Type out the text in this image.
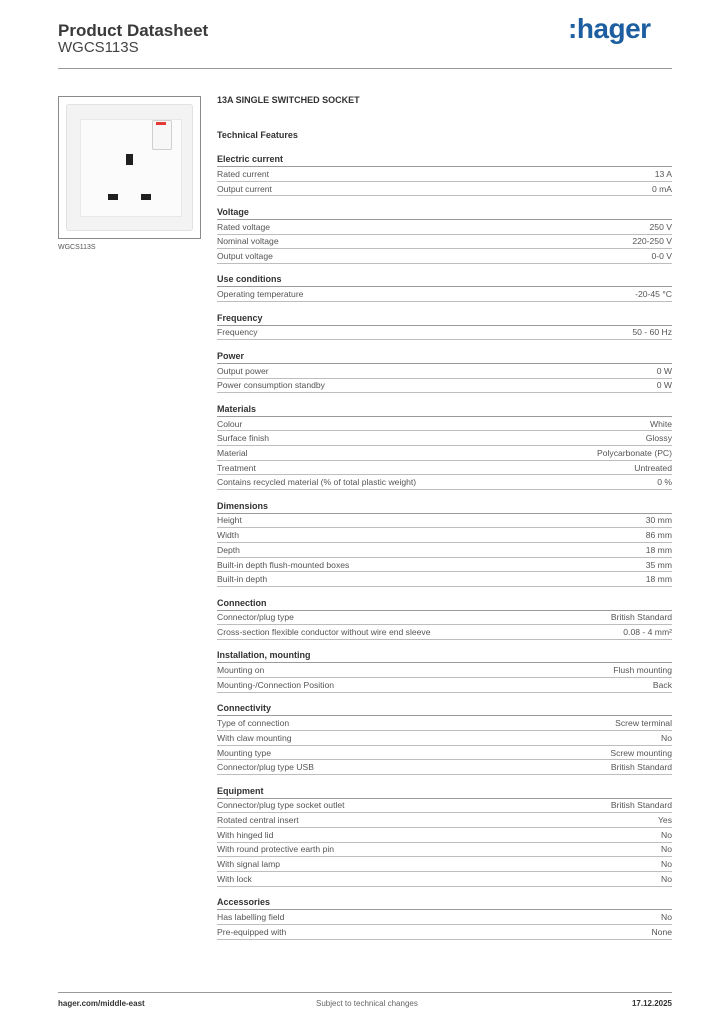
Product Datasheet
WGCS113S
:hager
WGCS113S
13A SINGLE SWITCHED SOCKET
Technical Features
Electric current
Rated current	13 A
Output current	0 mA
Voltage
Rated voltage	250 V
Nominal voltage	220-250 V
Output voltage	0-0 V
Use conditions
Operating temperature	-20-45 °C
Frequency
Frequency	50 - 60 Hz
Power
Output power	0 W
Power consumption standby	0 W
Materials
Colour	White
Surface finish	Glossy
Material	Polycarbonate (PC)
Treatment	Untreated
Contains recycled material (% of total plastic weight)	0 %
Dimensions
Height	30 mm
Width	86 mm
Depth	18 mm
Built-in depth flush-mounted boxes	35 mm
Built-in depth	18 mm
Connection
Connector/plug type	British Standard
Cross-section flexible conductor without wire end sleeve	0.08 - 4 mm²
Installation, mounting
Mounting on	Flush mounting
Mounting-/Connection Position	Back
Connectivity
Type of connection	Screw terminal
With claw mounting	No
Mounting type	Screw mounting
Connector/plug type USB	British Standard
Equipment
Connector/plug type socket outlet	British Standard
Rotated central insert	Yes
With hinged lid	No
With round protective earth pin	No
With signal lamp	No
With lock	No
Accessories
Has labelling field	No
Pre-equipped with	None
hager.com/middle-east	Subject to technical changes	17.12.2025
